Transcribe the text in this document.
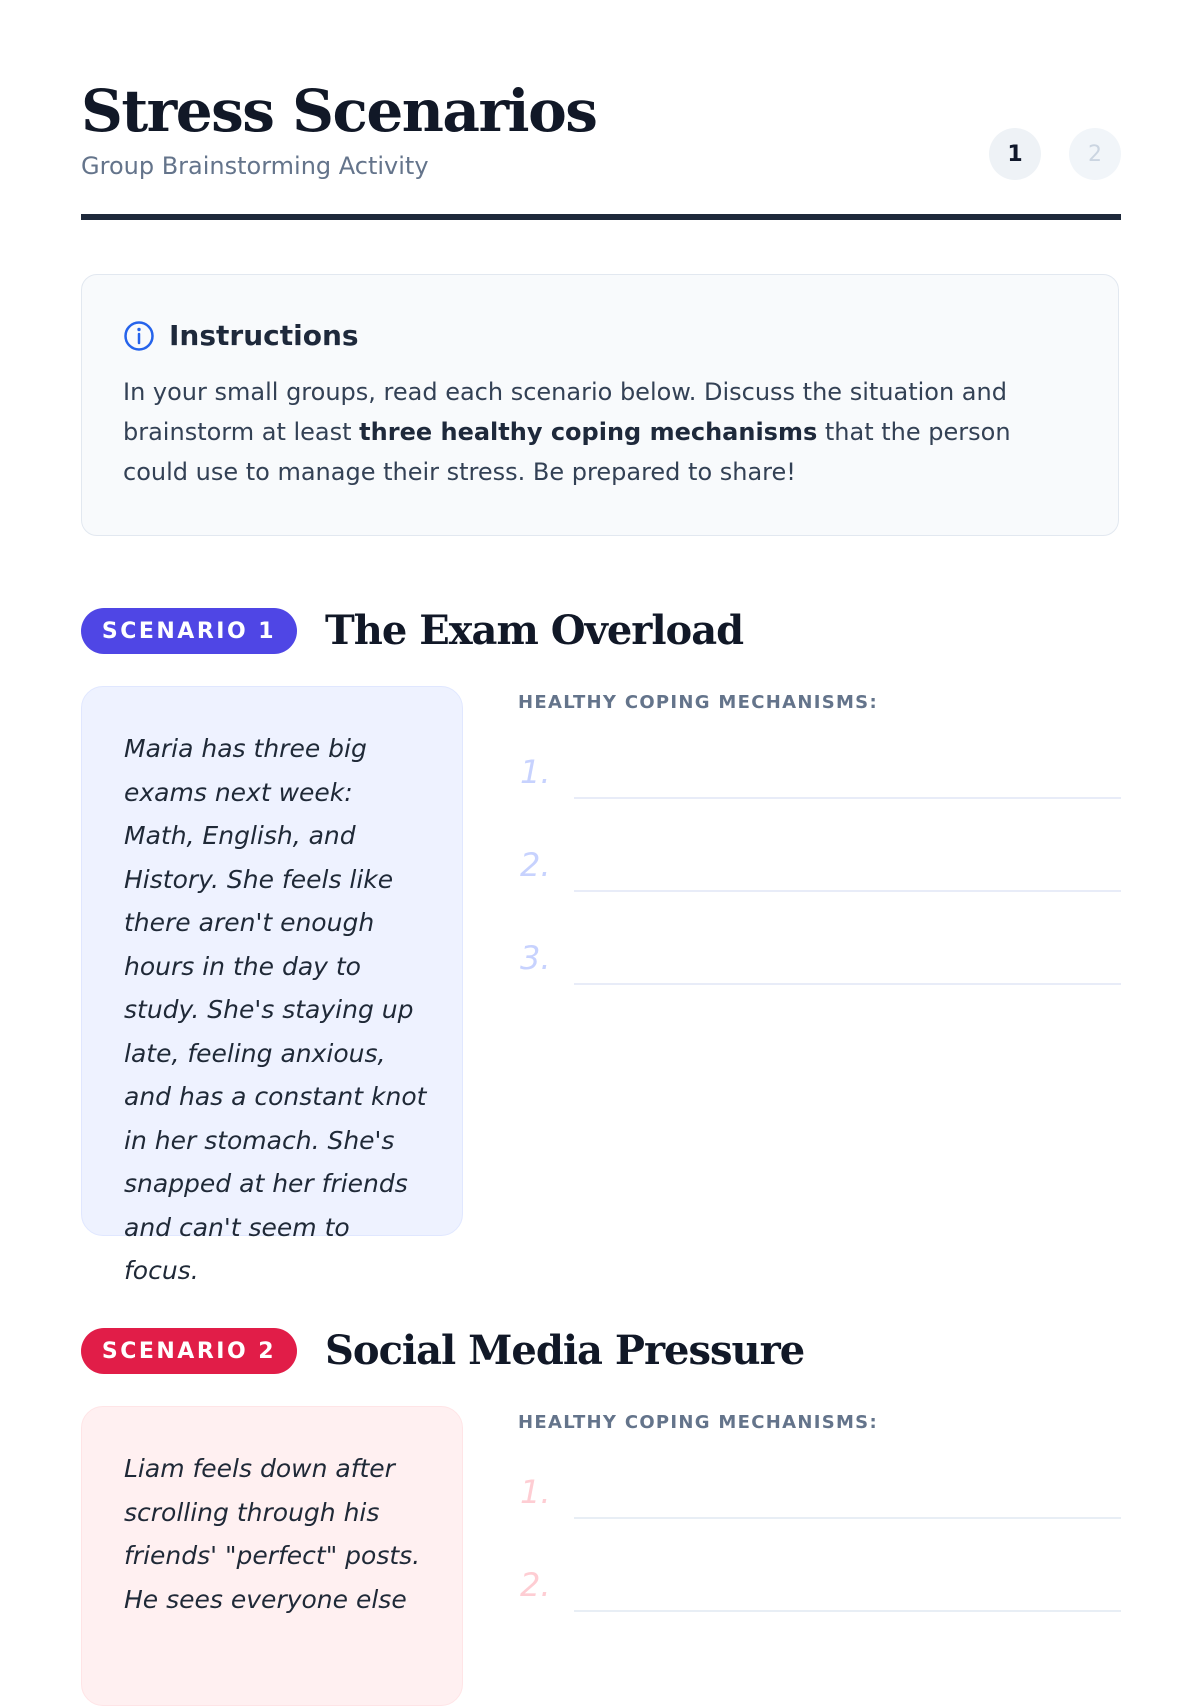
Stress Scenarios
Group Brainstorming Activity	1	2
Instructions
In your small groups, read each scenario below. Discuss the situation and brainstorm at least three healthy coping mechanisms that the person could use to manage their stress. Be prepared to share!
SCENARIO 1	The Exam Overload
Maria has three big exams next week: Math, English, and History. She feels like there aren't enough hours in the day to study. She's staying up late, feeling anxious, and has a constant knot in her stomach. She's snapped at her friends and can't seem to focus.
HEALTHY COPING MECHANISMS:
1.
2.
3.
SCENARIO 2	Social Media Pressure
Liam feels down after scrolling through his friends' "perfect" posts. He sees everyone else
HEALTHY COPING MECHANISMS:
1.
2.
